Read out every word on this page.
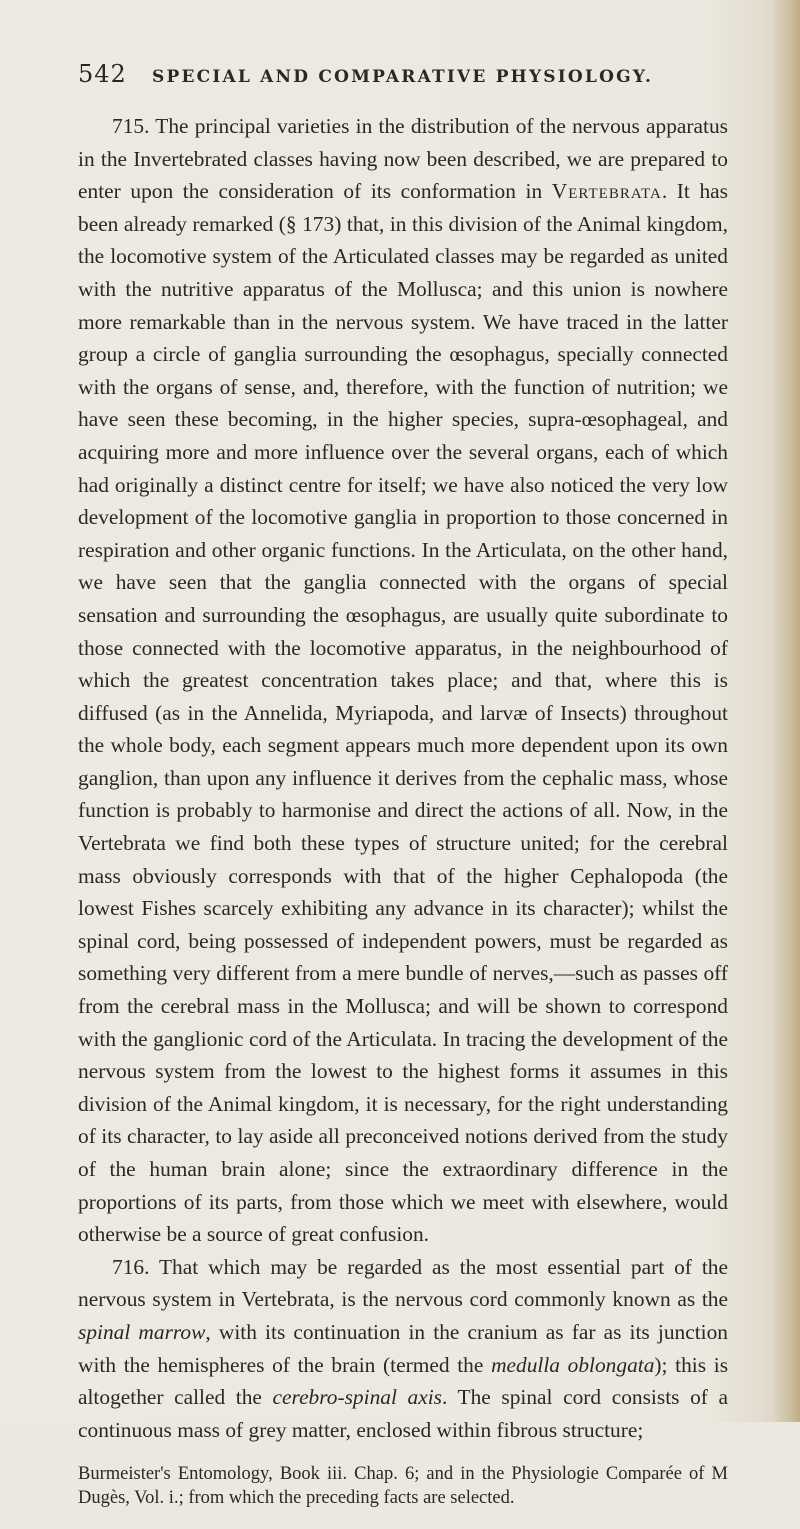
542	SPECIAL AND COMPARATIVE PHYSIOLOGY.

715. The principal varieties in the distribution of the nervous apparatus in the Invertebrated classes having now been described, we are prepared to enter upon the consideration of its conformation in Vertebrata. It has been already remarked (§ 173) that, in this division of the Animal kingdom, the locomotive system of the Articulated classes may be regarded as united with the nutritive apparatus of the Mollusca; and this union is nowhere more remarkable than in the nervous system. We have traced in the latter group a circle of ganglia surrounding the œsophagus, specially connected with the organs of sense, and, therefore, with the function of nutrition; we have seen these becoming, in the higher species, supra-œsophageal, and acquiring more and more influence over the several organs, each of which had originally a distinct centre for itself; we have also noticed the very low development of the locomotive ganglia in proportion to those concerned in respiration and other organic functions. In the Articulata, on the other hand, we have seen that the ganglia connected with the organs of special sensation and surrounding the œsophagus, are usually quite subordinate to those connected with the locomotive apparatus, in the neighbourhood of which the greatest concentration takes place; and that, where this is diffused (as in the Annelida, Myriapoda, and larvæ of Insects) throughout the whole body, each segment appears much more dependent upon its own ganglion, than upon any influence it derives from the cephalic mass, whose function is probably to harmonise and direct the actions of all. Now, in the Vertebrata we find both these types of structure united; for the cerebral mass obviously corresponds with that of the higher Cephalopoda (the lowest Fishes scarcely exhibiting any advance in its character); whilst the spinal cord, being possessed of independent powers, must be regarded as something very different from a mere bundle of nerves,—such as passes off from the cerebral mass in the Mollusca; and will be shown to correspond with the ganglionic cord of the Articulata. In tracing the development of the nervous system from the lowest to the highest forms it assumes in this division of the Animal kingdom, it is necessary, for the right understanding of its character, to lay aside all preconceived notions derived from the study of the human brain alone; since the extraordinary difference in the proportions of its parts, from those which we meet with elsewhere, would otherwise be a source of great confusion.

716. That which may be regarded as the most essential part of the nervous system in Vertebrata, is the nervous cord commonly known as the spinal marrow, with its continuation in the cranium as far as its junction with the hemispheres of the brain (termed the medulla oblongata); this is altogether called the cerebro-spinal axis. The spinal cord consists of a continuous mass of grey matter, enclosed within fibrous structure;

Burmeister's Entomology, Book iii. Chap. 6; and in the Physiologie Comparée of M Dugès, Vol. i.; from which the preceding facts are selected.
